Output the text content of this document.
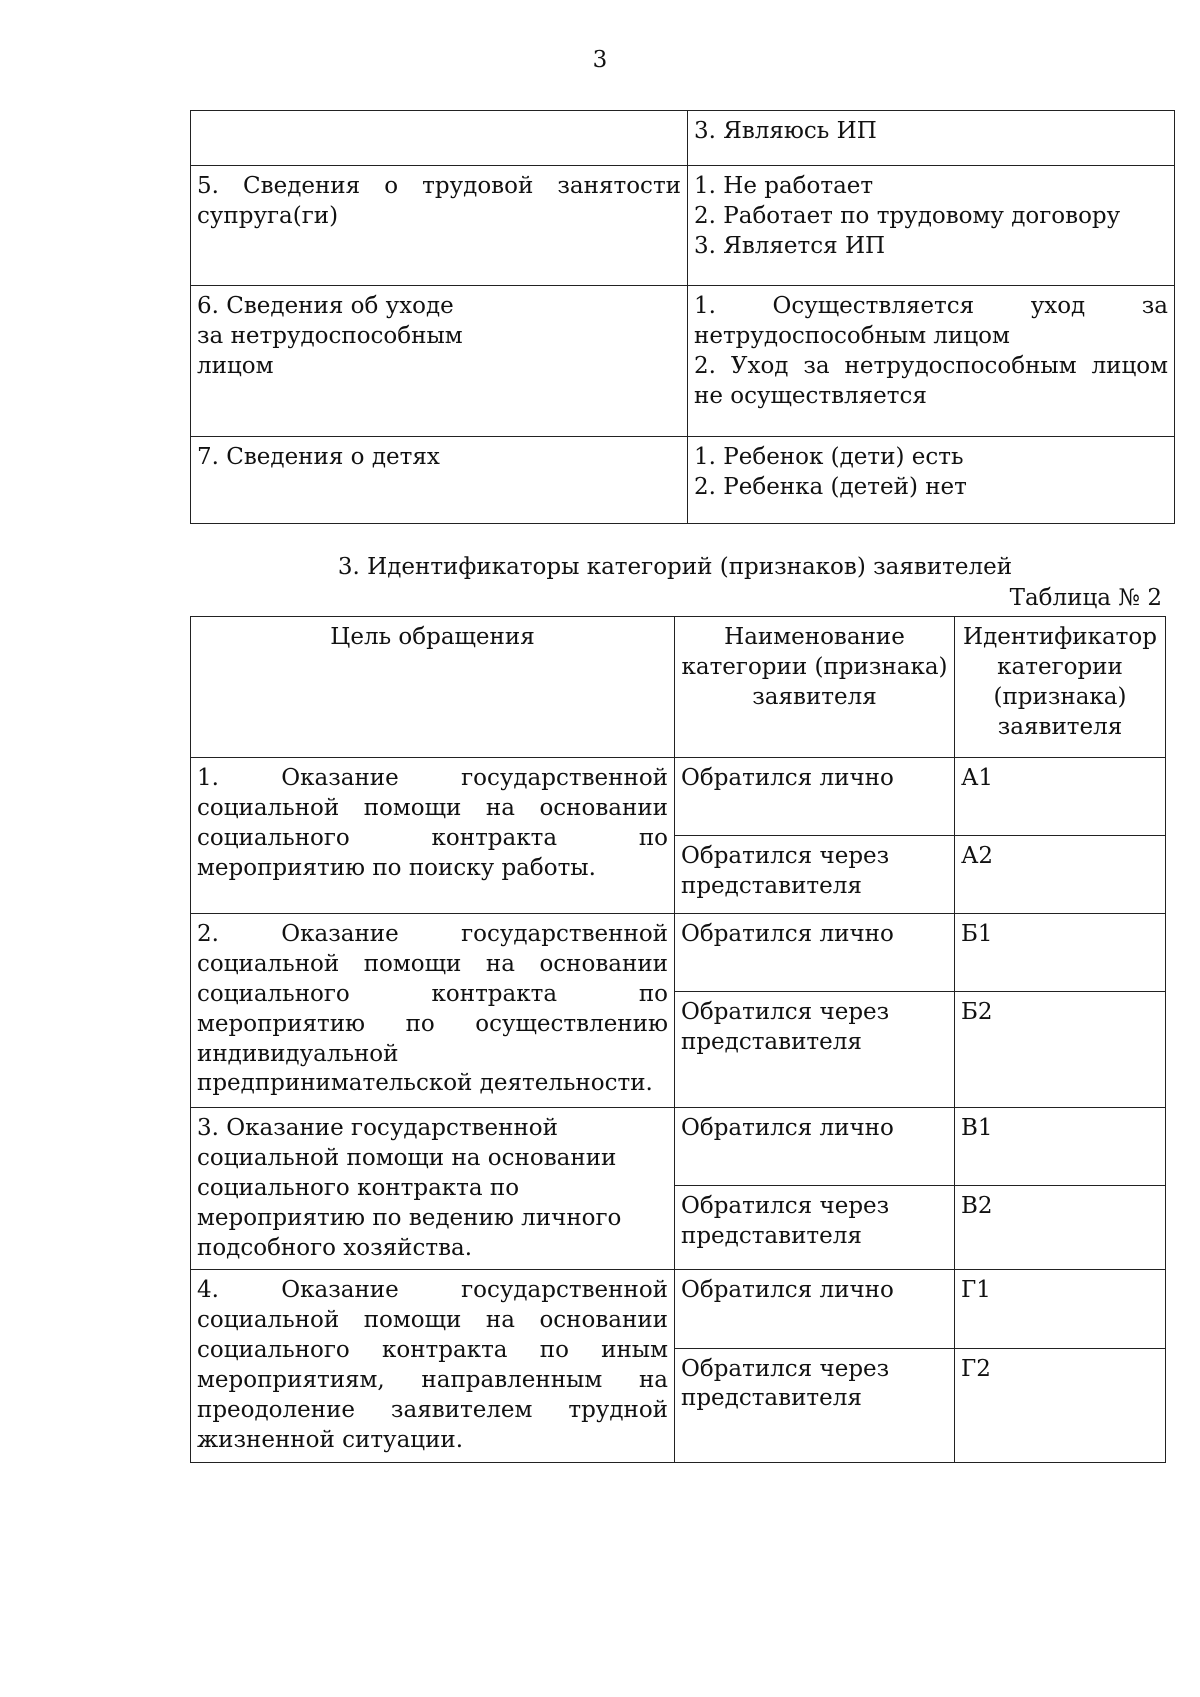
3

	3. Являюсь ИП

5. Сведения о трудовой занятости супруга(ги)	1. Не работает
2. Работает по трудовому договору
3. Является ИП

6. Сведения об уходе за нетрудоспособным лицом	1. Осуществляется уход за нетрудоспособным лицом
2. Уход за нетрудоспособным лицом не осуществляется

7. Сведения о детях	1. Ребенок (дети) есть
2. Ребенка (детей) нет
3. Идентификаторы категорий (признаков) заявителей
Таблица № 2
Цель обращения	Наименование категории (признака) заявителя	Идентификатор категории (признака) заявителя
1. Оказание государственной социальной помощи на основании социального контракта по мероприятию по поиску работы.	Обратился лично	А1
	Обратился через представителя	А2
2. Оказание государственной социальной помощи на основании социального контракта по мероприятию по осуществлению индивидуальной предпринимательской деятельности.	Обратился лично	Б1
	Обратился через представителя	Б2
3. Оказание государственной социальной помощи на основании социального контракта по мероприятию по ведению личного подсобного хозяйства.	Обратился лично	В1
	Обратился через представителя	В2
4. Оказание государственной социальной помощи на основании социального контракта по иным мероприятиям, направленным на преодоление заявителем трудной жизненной ситуации.	Обратился лично	Г1
	Обратился через представителя	Г2
